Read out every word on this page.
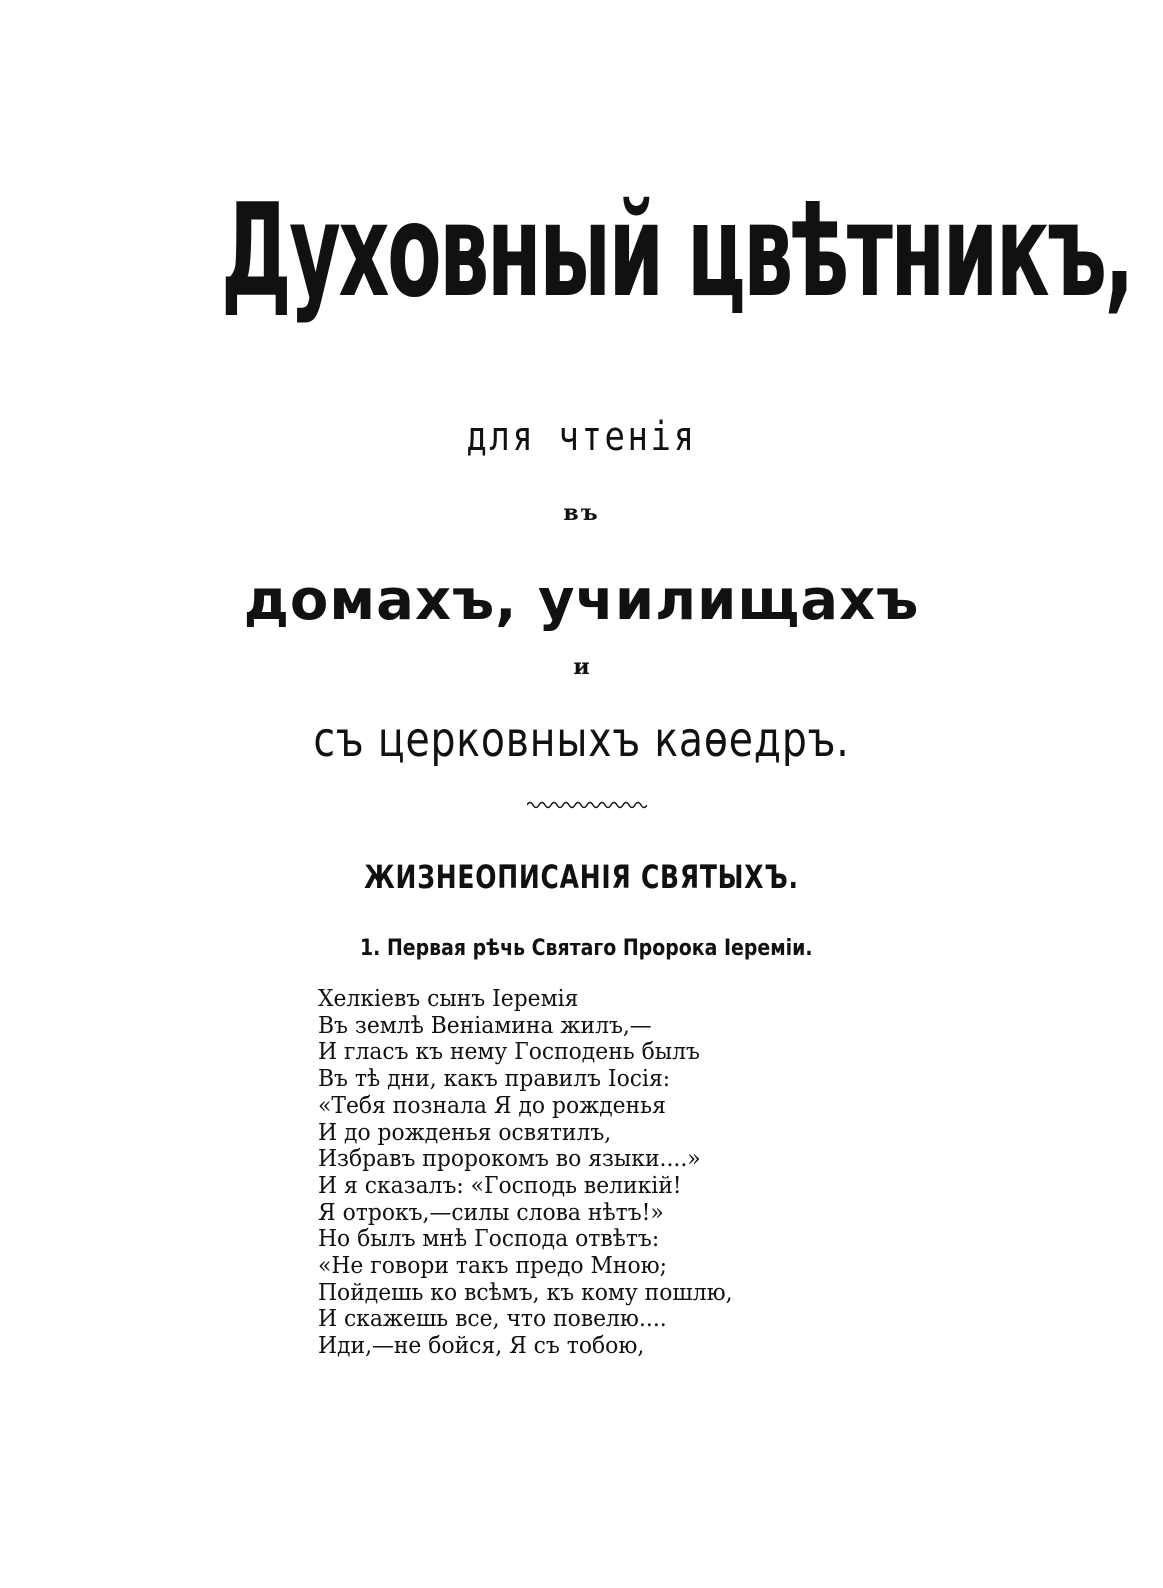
Духовный цвѣтникъ,
для чтенія
въ
домахъ, училищахъ
и
съ церковныхъ каѳедръ.
ЖИЗНЕОПИСАНІЯ СВЯТЫХЪ.
1. Первая рѣчь Святаго Пророка Іереміи.
Хелкіевъ сынъ Іеремія
Въ землѣ Веніамина жилъ,—
И гласъ къ нему Господень былъ
Въ тѣ дни, какъ правилъ Іосія:
«Тебя познала Я до рожденья
И до рожденья освятилъ,
Избравъ пророкомъ во языки....»
И я сказалъ: «Господь великій!
Я отрокъ,—силы слова нѣтъ!»
Но былъ мнѣ Господа отвѣтъ:
«Не говори такъ предо Мною;
Пойдешь ко всѣмъ, къ кому пошлю,
И скажешь все, что повелю....
Иди,—не бойся, Я съ тобою,
